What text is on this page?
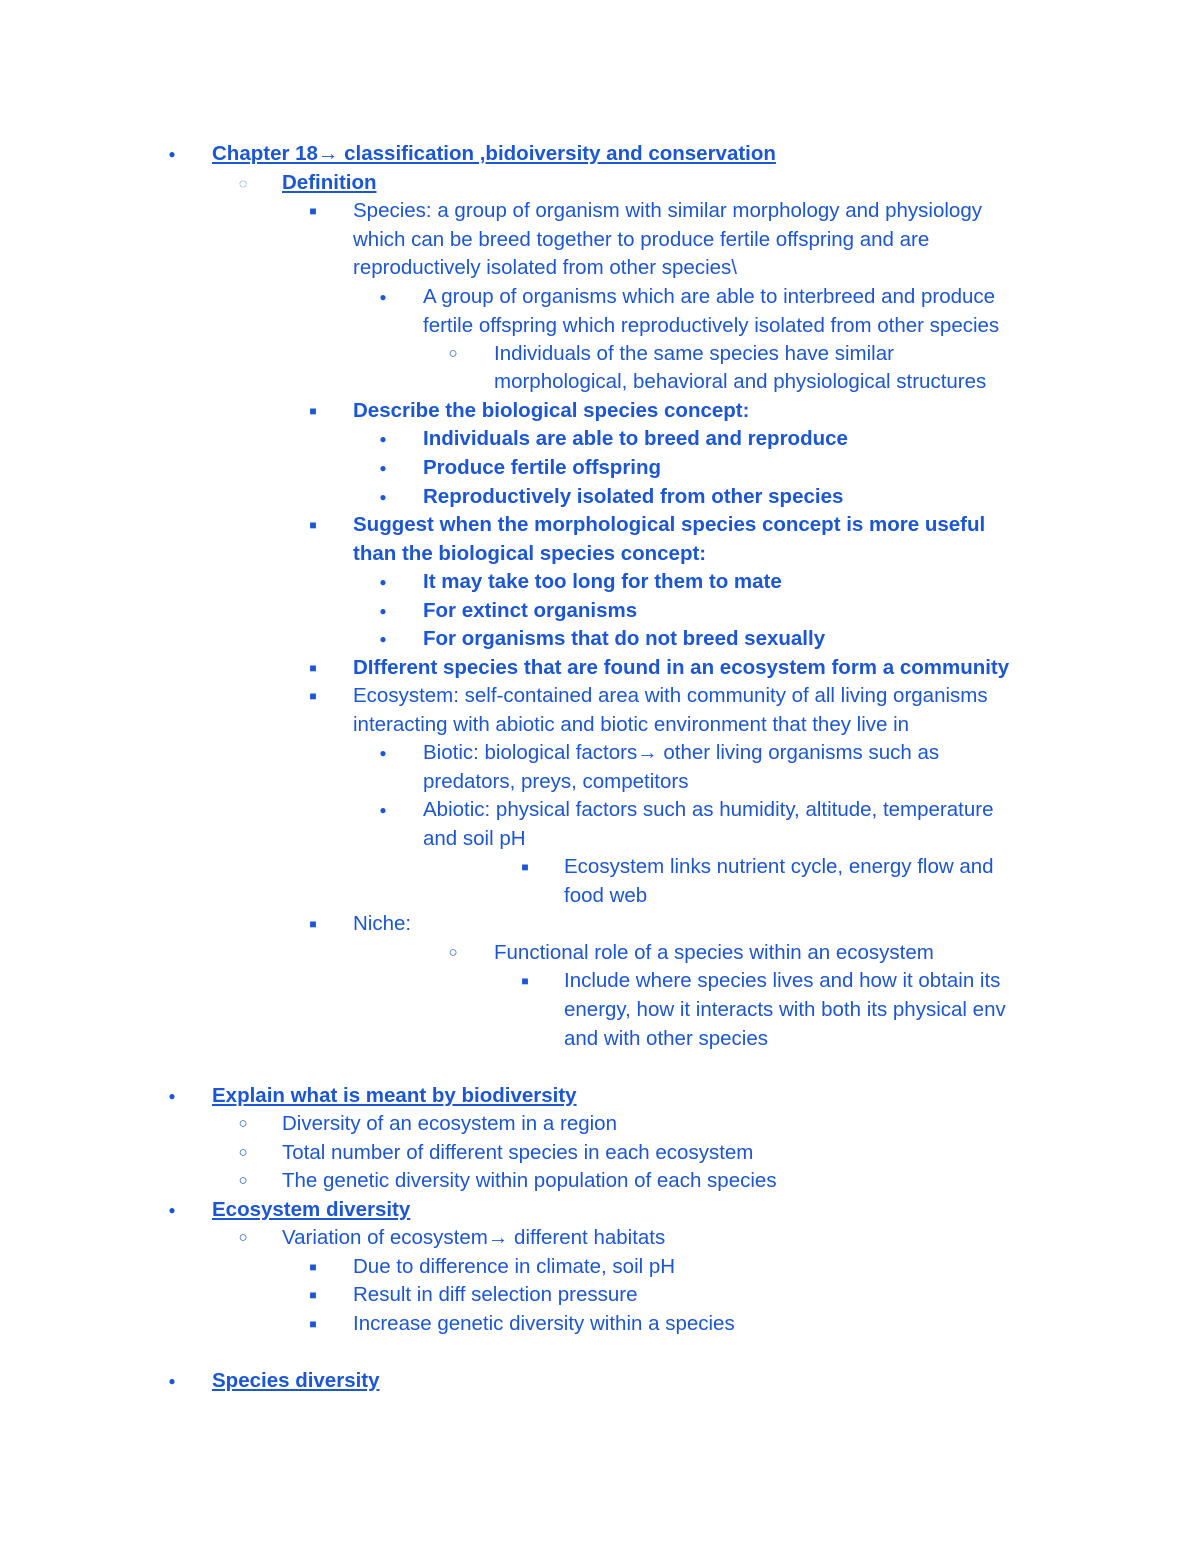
●	Chapter 18→ classification ,bidoiversity and conservation
◌	Definition
■	Species: a group of organism with similar morphology and physiology
which can be breed together to produce fertile offspring and are
reproductively isolated from other species\
●	A group of organisms which are able to interbreed and produce
fertile offspring which reproductively isolated from other species
○	Individuals of the same species have similar
morphological, behavioral and physiological structures
■	Describe the biological species concept:
●	Individuals are able to breed and reproduce
●	Produce fertile offspring
●	Reproductively isolated from other species
■	Suggest when the morphological species concept is more useful
than the biological species concept:
●	It may take too long for them to mate
●	For extinct organisms
●	For organisms that do not breed sexually
■	DIfferent species that are found in an ecosystem form a community
■	Ecosystem: self-contained area with community of all living organisms
interacting with abiotic and biotic environment that they live in
●	Biotic: biological factors→ other living organisms such as
predators, preys, competitors
●	Abiotic: physical factors such as humidity, altitude, temperature
and soil pH
■	Ecosystem links nutrient cycle, energy flow and
food web
■	Niche:
○	Functional role of a species within an ecosystem
■	Include where species lives and how it obtain its
energy, how it interacts with both its physical env
and with other species
●	Explain what is meant by biodiversity
○	Diversity of an ecosystem in a region
○	Total number of different species in each ecosystem
○	The genetic diversity within population of each species
●	Ecosystem diversity
○	Variation of ecosystem→ different habitats
■	Due to difference in climate, soil pH
■	Result in diff selection pressure
■	Increase genetic diversity within a species
●	Species diversity
